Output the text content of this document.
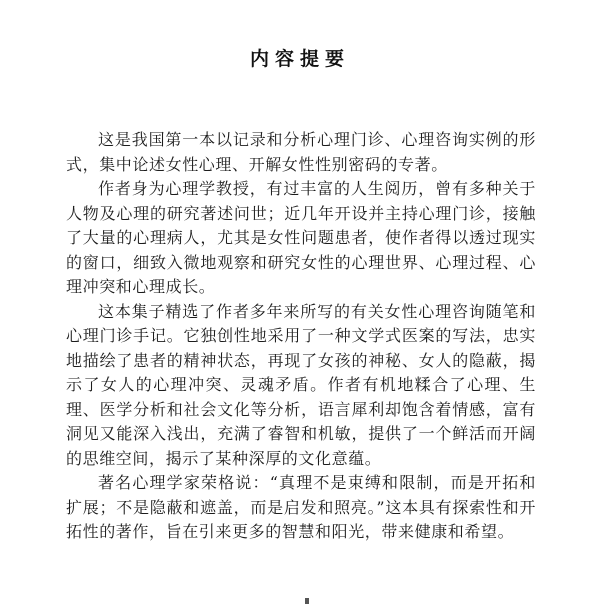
内容提要

这是我国第一本以记录和分析心理门诊、心理咨询实例的形式，集中论述女性心理、开解女性性别密码的专著。

作者身为心理学教授，有过丰富的人生阅历，曾有多种关于人物及心理的研究著述问世；近几年开设并主持心理门诊，接触了大量的心理病人，尤其是女性问题患者，使作者得以透过现实的窗口，细致入微地观察和研究女性的心理世界、心理过程、心理冲突和心理成长。

这本集子精选了作者多年来所写的有关女性心理咨询随笔和心理门诊手记。它独创性地采用了一种文学式医案的写法，忠实地描绘了患者的精神状态，再现了女孩的神秘、女人的隐蔽，揭示了女人的心理冲突、灵魂矛盾。作者有机地糅合了心理、生理、医学分析和社会文化等分析，语言犀利却饱含着情感，富有洞见又能深入浅出，充满了睿智和机敏，提供了一个鲜活而开阔的思维空间，揭示了某种深厚的文化意蕴。

著名心理学家荣格说：“真理不是束缚和限制，而是开拓和扩展；不是隐蔽和遮盖，而是启发和照亮。”这本具有探索性和开拓性的著作，旨在引来更多的智慧和阳光，带来健康和希望。
